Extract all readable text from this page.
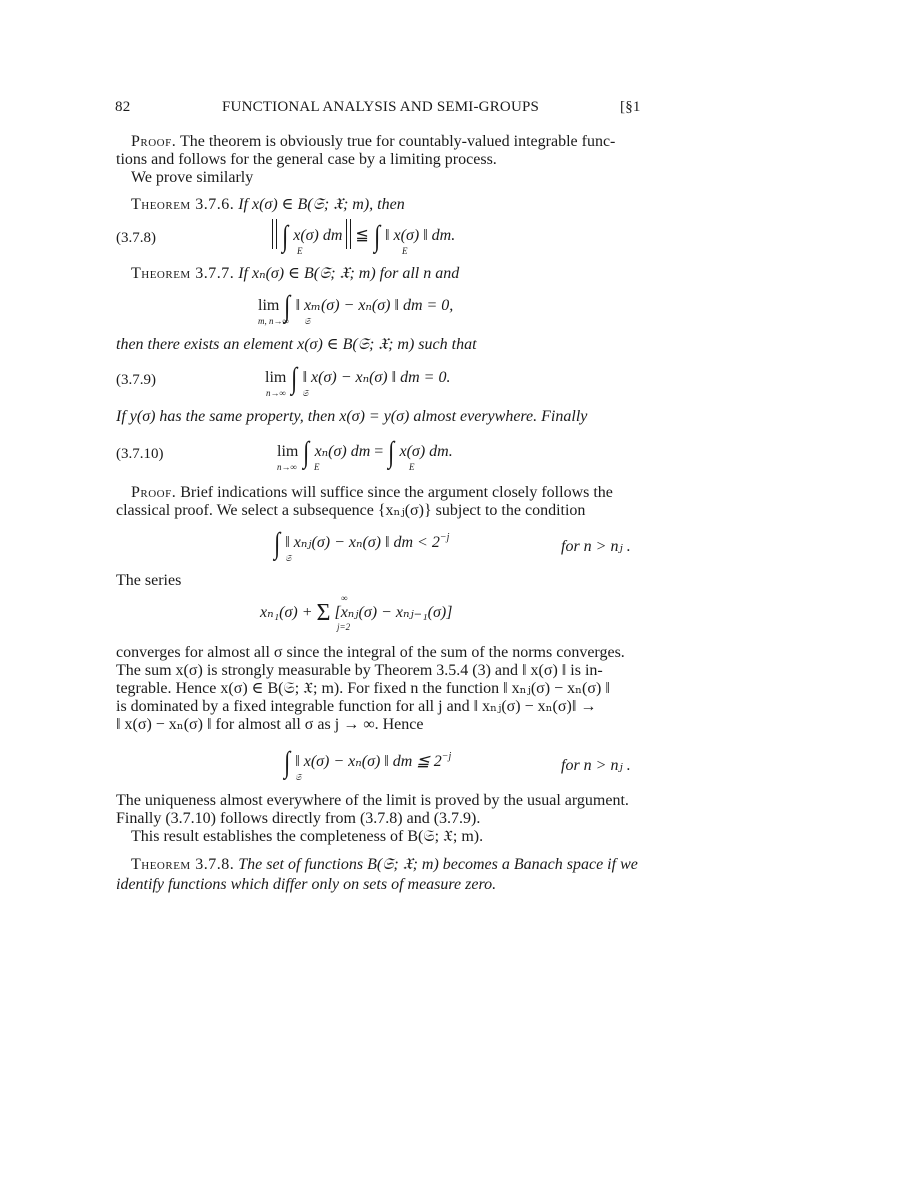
82	FUNCTIONAL ANALYSIS AND SEMI-GROUPS	[§1
Proof. The theorem is obviously true for countably-valued integrable func-
tions and follows for the general case by a limiting process.
We prove similarly
Theorem 3.7.6. If x(σ) ∈ B(𝔖; 𝔛; m), then
(3.7.8)	∫ x(σ) dm ≦ ∫ ‖ x(σ) ‖ dm.
E	E
Theorem 3.7.7. If xₙ(σ) ∈ B(𝔖; 𝔛; m) for all n and
lim ∫ ‖ xₘ(σ) − xₙ(σ) ‖ dm = 0,
m, n→∞ 𝔖
then there exists an element x(σ) ∈ B(𝔖; 𝔛; m) such that
(3.7.9)	lim ∫ ‖ x(σ) − xₙ(σ) ‖ dm = 0.
n→∞ 𝔖
If y(σ) has the same property, then x(σ) = y(σ) almost everywhere. Finally
(3.7.10)	lim ∫ xₙ(σ) dm = ∫ x(σ) dm.
n→∞ E	E
Proof. Brief indications will suffice since the argument closely follows the
classical proof. We select a subsequence {xₙⱼ(σ)} subject to the condition
∫ ‖ xₙⱼ(σ) − xₙ(σ) ‖ dm < $2^{-j}$
𝔖
for n > nⱼ .
The series
xₙ₁(σ) + Σ [xₙⱼ(σ) − xₙⱼ₋₁(σ)]
∞
j=2
converges for almost all σ since the integral of the sum of the norms converges.
The sum x(σ) is strongly measurable by Theorem 3.5.4 (3) and ‖ x(σ) ‖ is in-
tegrable. Hence x(σ) ∈ B(𝔖; 𝔛; m). For fixed n the function ‖ xₙⱼ(σ) − xₙ(σ) ‖
is dominated by a fixed integrable function for all j and ‖ xₙⱼ(σ) − xₙ(σ)‖ →
‖ x(σ) − xₙ(σ) ‖ for almost all σ as j → ∞. Hence
∫ ‖ x(σ) − xₙ(σ) ‖ dm ≦ $2^{-j}$
𝔖
for n > nⱼ .
The uniqueness almost everywhere of the limit is proved by the usual argument.
Finally (3.7.10) follows directly from (3.7.8) and (3.7.9).
This result establishes the completeness of B(𝔖; 𝔛; m).
Theorem 3.7.8. The set of functions B(𝔖; 𝔛; m) becomes a Banach space if we
identify functions which differ only on sets of measure zero.
